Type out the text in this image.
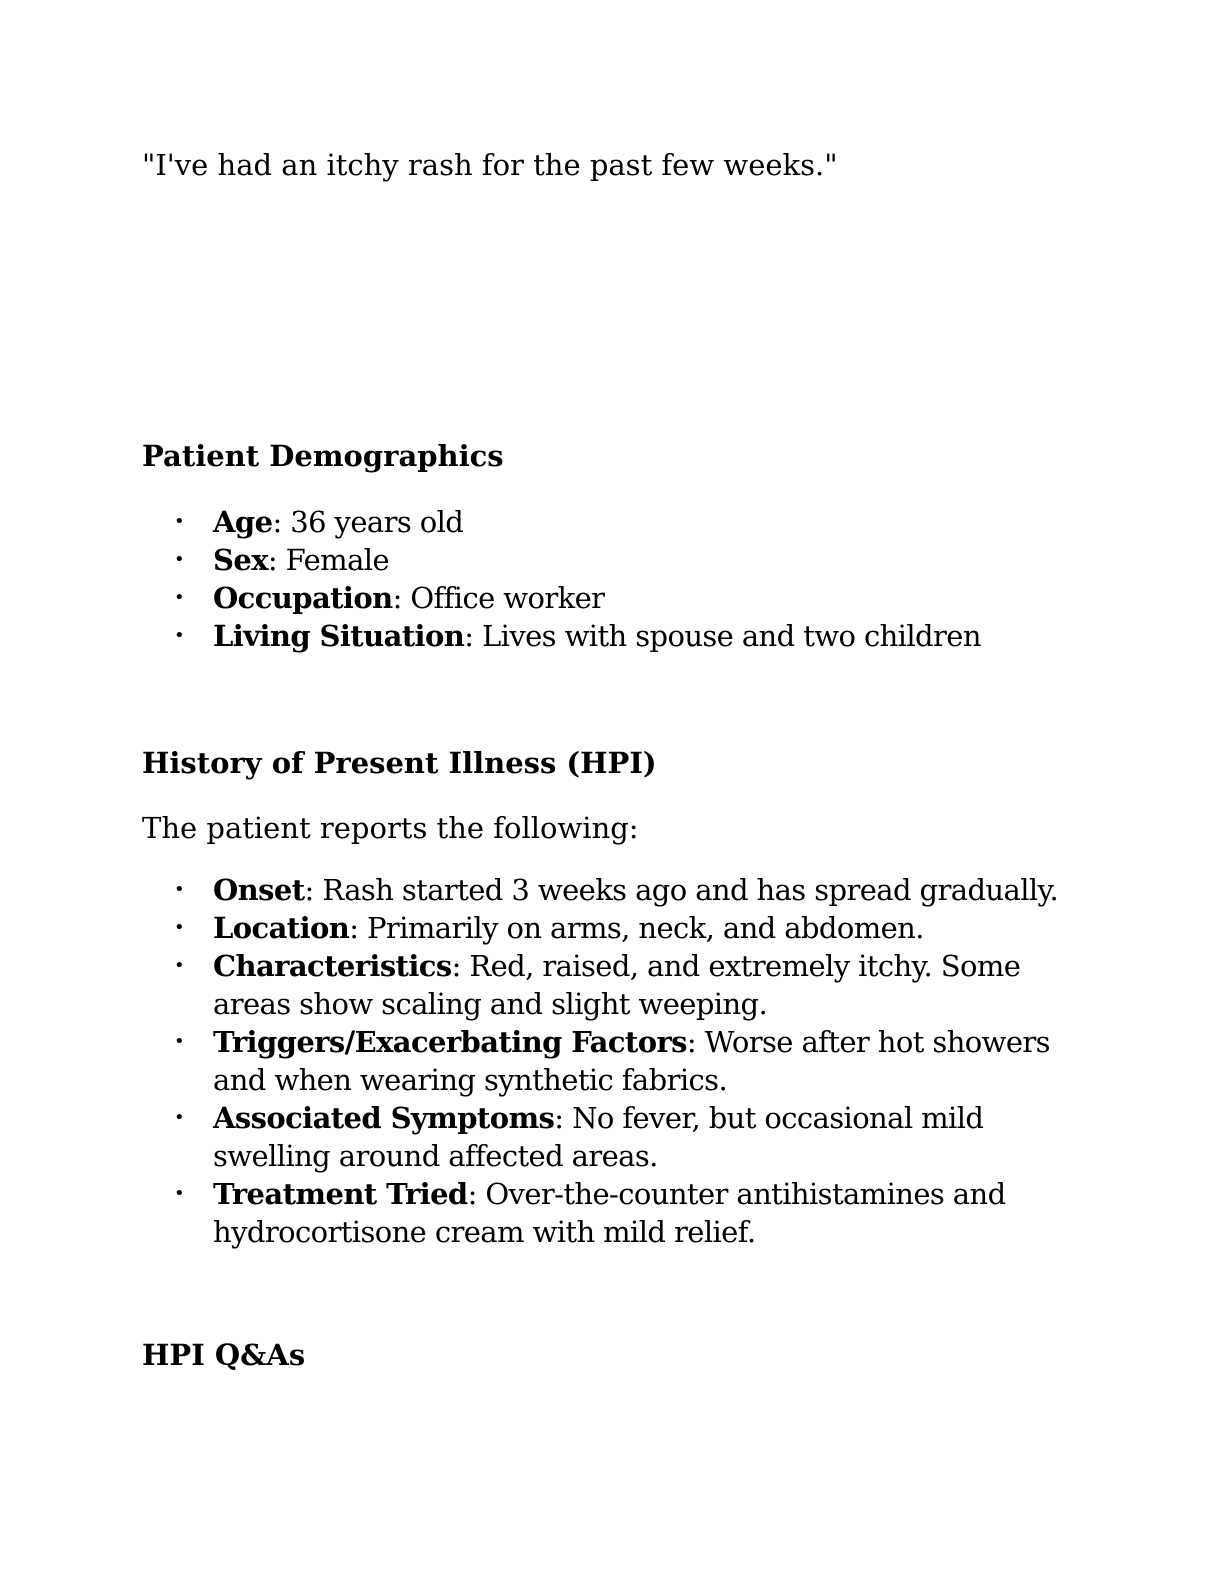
"I've had an itchy rash for the past few weeks."

Patient Demographics
• Age: 36 years old
• Sex: Female
• Occupation: Office worker
• Living Situation: Lives with spouse and two children
History of Present Illness (HPI)

The patient reports the following:

• Onset: Rash started 3 weeks ago and has spread gradually.
• Location: Primarily on arms, neck, and abdomen.
• Characteristics: Red, raised, and extremely itchy. Some areas show scaling and slight weeping.
• Triggers/Exacerbating Factors: Worse after hot showers and when wearing synthetic fabrics.
• Associated Symptoms: No fever, but occasional mild swelling around affected areas.
• Treatment Tried: Over-the-counter antihistamines and hydrocortisone cream with mild relief.
HPI Q&As
